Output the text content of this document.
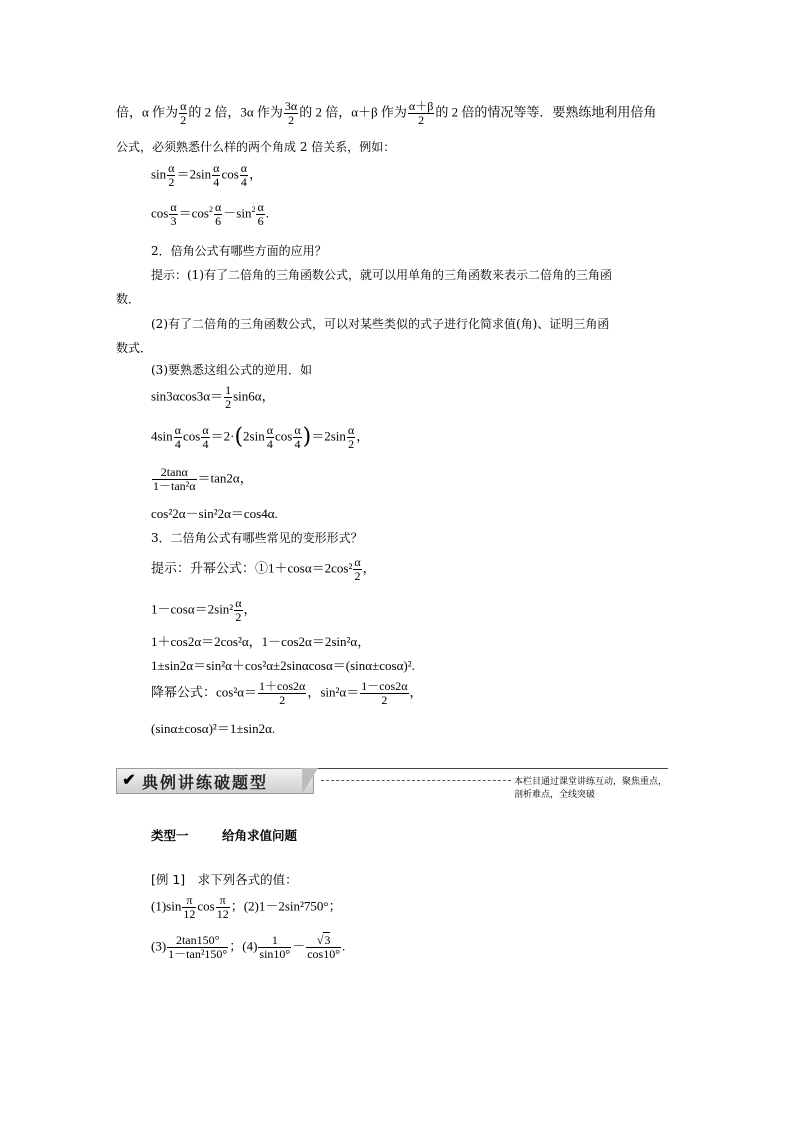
倍，α 作为 $\frac{\alpha}{2}$ 的 2 倍，3α 作为 $\frac{3\alpha}{2}$ 的 2 倍，α＋β 作为 $\frac{\alpha+\beta}{2}$ 的 2 倍的情况等等．要熟练地利用倍角
公式，必须熟悉什么样的两个角成 2 倍关系，例如：
$\sin \frac{\alpha}{2} =2\sin \frac{\alpha}{4}$ $\cos \frac{\alpha}{4}$ ，
$\cos \frac{\alpha}{3} =\cos^2 \frac{\alpha}{6} -\sin^2 \frac{\alpha}{6}$ .
2．倍角公式有哪些方面的应用？
提示：(1)有了二倍角的三角函数公式，就可以用单角的三角函数来表示二倍角的三角函
数．
(2)有了二倍角的三角函数公式，可以对某些类似的式子进行化简求值(角)、证明三角函
数式．
(3)要熟悉这组公式的逆用．如
$\sin 3\alpha\cos 3\alpha= \frac{1}{2} \sin 6\alpha$，
$4\sin \frac{\alpha}{4}$ $\cos \frac{\alpha}{4} =2\cdot(2\sin \frac{\alpha}{4}$ $\cos \frac{\alpha}{4} )=2\sin \frac{\alpha}{2}$ ，
$\frac{2\tan\alpha}{\text{1－tan²α}} =\tan 2\alpha$，
cos²2α－sin²2α＝cos4α.
3．二倍角公式有哪些常见的变形形式？
提示：升幂公式：①1＋cosα＝2cos² $\frac{\alpha}{2}$ ，
$1-\cos\alpha=2\sin^2 \frac{\alpha}{2}$ ，
1＋cos2α＝2cos²α，1－cos2α＝2sin²α，
1±sin2α＝sin²α＋cos²α±2sinαcosα＝(sinα±cosα)².
降幂公式：$\cos^2\alpha= \frac{1+\cos 2\alpha}{2}$ ，$\sin^2\alpha= \frac{1-\cos 2\alpha}{2}$ ，
(sinα±cosα)²＝1±sin2α.
✔ 典例讲练破题型	本栏目通过课堂讲练互动，聚焦重点，剖析难点，全线突破
类型一	给角求值问题
[例 1]　求下列各式的值：
$(1)\sin \frac{\pi}{12}$ $\cos \frac{\pi}{12}$ ；(2)1－2sin²750°；
$(3) \frac{2\tan 150^\circ}{\text{1－tan²150°}}$ ；$(4) \frac{1}{\sin 10^\circ} - \frac{√3}{\cos 10^\circ}$ .
